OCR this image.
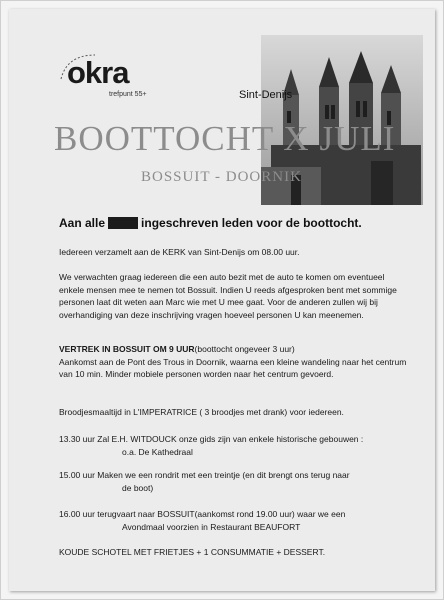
okra
trefpunt 55+	Sint-Denijs
BOOTTOCHT X JULI
BOSSUIT - DOORNIK
Aan alle	ingeschreven leden voor de boottocht.
Iedereen verzamelt aan de KERK van Sint-Denijs om 08.00 uur.
We verwachten graag iedereen die een auto bezit met de auto te komen om eventueel enkele mensen mee te nemen tot Bossuit. Indien U reeds afgesproken bent met sommige personen laat dit weten aan Marc wie met U mee gaat. Voor de anderen zullen wij bij overhandiging van deze inschrijving vragen hoeveel personen U kan meenemen.
VERTREK IN BOSSUIT OM 9 UUR(boottocht ongeveer 3 uur)
Aankomst aan de Pont des Trous in Doornik, waarna een kleine wandeling naar het centrum van 10 min. Minder mobiele personen worden naar het centrum gevoerd.
Broodjesmaaltijd in L'IMPERATRICE ( 3 broodjes met drank) voor iedereen.
13.30 uur Zal E.H. WITDOUCK onze gids zijn van enkele historische gebouwen :
o.a. De Kathedraal
15.00 uur Maken we een rondrit met een treintje (en dit brengt ons terug naar
de boot)
16.00 uur terugvaart naar BOSSUIT(aankomst rond 19.00 uur) waar we een
Avondmaal voorzien in Restaurant BEAUFORT
KOUDE SCHOTEL MET FRIETJES + 1 CONSUMMATIE + DESSERT.
